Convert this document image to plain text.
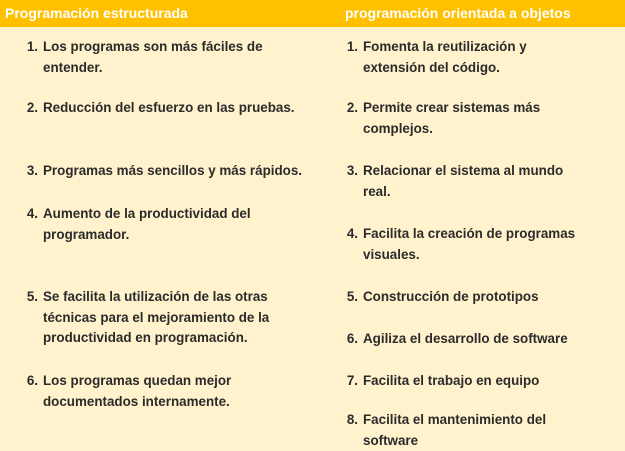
Programación estructurada	programación orientada a objetos
1. Los programas son más fáciles de
entender.
2. Reducción del esfuerzo en las pruebas.
3. Programas más sencillos y más rápidos.
4. Aumento de la productividad del
programador.
5. Se facilita la utilización de las otras
técnicas para el mejoramiento de la
productividad en programación.
6. Los programas quedan mejor
documentados internamente.
1. Fomenta la reutilización y
extensión del código.
2. Permite crear sistemas más
complejos.
3. Relacionar el sistema al mundo
real.
4. Facilita la creación de programas
visuales.
5. Construcción de prototipos
6. Agiliza el desarrollo de software
7. Facilita el trabajo en equipo
8. Facilita el mantenimiento del
software
